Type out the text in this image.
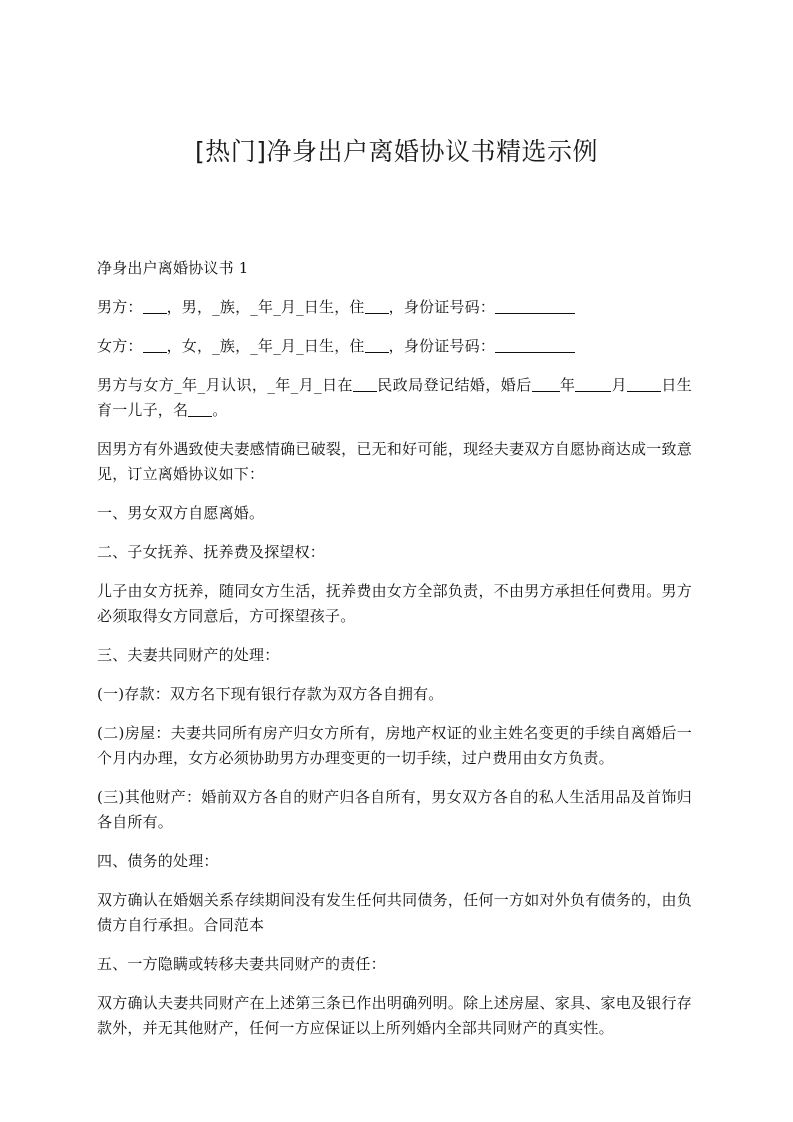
[热门]净身出户离婚协议书精选示例

净身出户离婚协议书 1

男方： ，男，_族，_年_月_日生，住 ，身份证号码：

女方： ，女，_族，_年_月_日生，住 ，身份证号码：

男方与女方_年_月认识，_年_月_日在 民政局登记结婚，婚后 年 月 日生育一儿子，名 。

因男方有外遇致使夫妻感情确已破裂，已无和好可能，现经夫妻双方自愿协商达成一致意见，订立离婚协议如下：

一、男女双方自愿离婚。

二、子女抚养、抚养费及探望权：

儿子由女方抚养，随同女方生活，抚养费由女方全部负责，不由男方承担任何费用。男方必须取得女方同意后，方可探望孩子。

三、夫妻共同财产的处理：

(一)存款：双方名下现有银行存款为双方各自拥有。

(二)房屋：夫妻共同所有房产归女方所有，房地产权证的业主姓名变更的手续自离婚后一个月内办理，女方必须协助男方办理变更的一切手续，过户费用由女方负责。

(三)其他财产：婚前双方各自的财产归各自所有，男女双方各自的私人生活用品及首饰归各自所有。

四、债务的处理：

双方确认在婚姻关系存续期间没有发生任何共同债务，任何一方如对外负有债务的，由负债方自行承担。合同范本

五、一方隐瞒或转移夫妻共同财产的责任：

双方确认夫妻共同财产在上述第三条已作出明确列明。除上述房屋、家具、家电及银行存款外，并无其他财产，任何一方应保证以上所列婚内全部共同财产的真实性。
